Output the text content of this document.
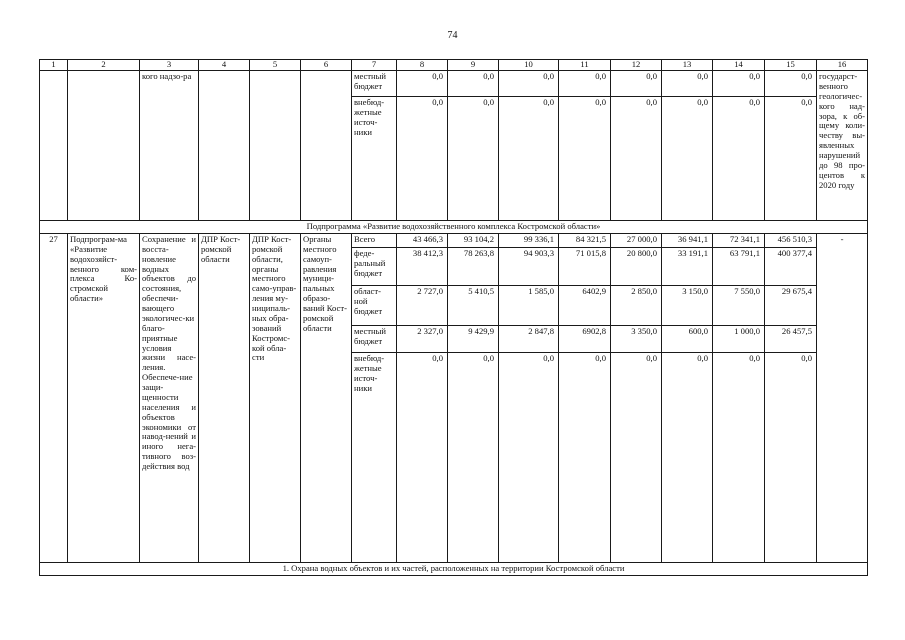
74
1	2	3	4	5	6	7	8	9	10	11	12	13	14	15	16
		кого надзо-ра				местный бюджет	0,0	0,0	0,0	0,0	0,0	0,0	0,0	0,0	государст-венного геологичес-кого над-зора, к об-щему коли-честву вы-явленных нарушений до 98 про-центов к 2020 году
						внебюд-жетные источ-ники	0,0	0,0	0,0	0,0	0,0	0,0	0,0	0,0	
Подпрограмма «Развитие водохозяйственного комплекса Костромской области»															
27	Подпрограм-ма «Развитие водохозяйст-венного ком-плекса Ко-стромской области»	Сохранение и восста-новление водных объектов до состояния, обеспечи-вающего экологичес-ки благо-приятные условия жизни насе-ления. Обеспече-ние защи-щенности населения и объектов экономики от навод-нений и иного нега-тивного воз-действия вод	ДПР Кост-ромской области	ДПР Кост-ромской области, органы местного само-управ-ления му-ниципаль-ных обра-зований Костромс-кой обла-сти	Органы местного самоуп-равления муници-пальных образо-ваний Кост-ромской области	Всего	43 466,3	93 104,2	99 336,1	84 321,5	27 000,0	36 941,1	72 341,1	456 510,3	-
						феде-ральный бюджет	38 412,3	78 263,8	94 903,3	71 015,8	20 800,0	33 191,1	63 791,1	400 377,4	
						област-ной бюджет	2 727,0	5 410,5	1 585,0	6402,9	2 850,0	3 150,0	7 550,0	29 675,4	
						местный бюджет	2 327,0	9 429,9	2 847,8	6902,8	3 350,0	600,0	1 000,0	26 457,5	
						внебюд-жетные источ-ники	0,0	0,0	0,0	0,0	0,0	0,0	0,0	0,0	
1. Охрана водных объектов и их частей, расположенных на территории Костромской области															
